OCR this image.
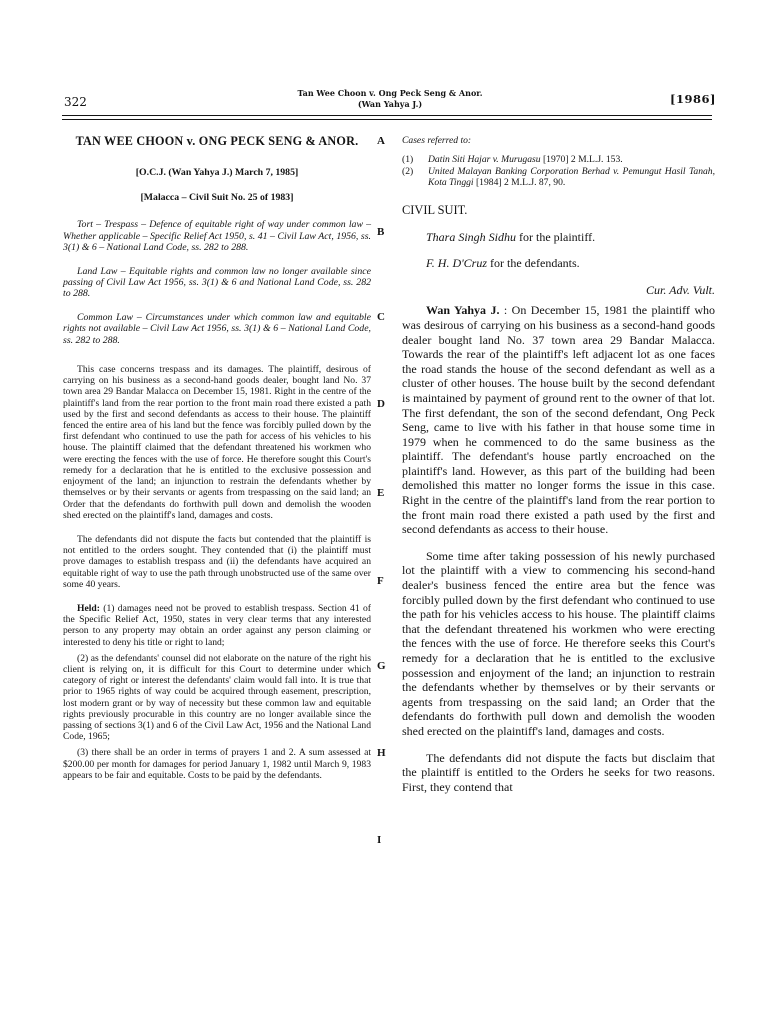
322
Tan Wee Choon v. Ong Peck Seng & Anor.
(Wan Yahya J.)	[1986]

TAN WEE CHOON v. ONG PECK SENG & ANOR.

[O.C.J. (Wan Yahya J.) March 7, 1985]

[Malacca – Civil Suit No. 25 of 1983]

Tort – Trespass – Defence of equitable right of way under common law – Whether applicable – Specific Relief Act 1950, s. 41 – Civil Law Act, 1956, ss. 3(1) & 6 – National Land Code, ss. 282 to 288.

Land Law – Equitable rights and common law no longer available since passing of Civil Law Act 1956, ss. 3(1) & 6 and National Land Code, ss. 282 to 288.

Common Law – Circumstances under which common law and equitable rights not available – Civil Law Act 1956, ss. 3(1) & 6 – National Land Code, ss. 282 to 288.

This case concerns trespass and its damages. The plaintiff, desirous of carrying on his business as a second-hand goods dealer, bought land No. 37 town area 29 Bandar Malacca on December 15, 1981. Right in the centre of the plaintiff's land from the rear portion to the front main road there existed a path used by the first and second defendants as access to their house. The plaintiff fenced the entire area of his land but the fence was forcibly pulled down by the first defendant who continued to use the path for access of his vehicles to his house. The plaintiff claimed that the defendant threatened his workmen who were erecting the fences with the use of force. He therefore sought this Court's remedy for a declaration that he is entitled to the exclusive possession and enjoyment of the land; an injunction to restrain the defendants whether by themselves or by their servants or agents from trespassing on the said land; an Order that the defendants do forthwith pull down and demolish the wooden shed erected on the plaintiff's land, damages and costs.

The defendants did not dispute the facts but contended that the plaintiff is not entitled to the orders sought. They contended that (i) the plaintiff must prove damages to establish trespass and (ii) the defendants have acquired an equitable right of way to use the path through unobstructed use of the same over some 40 years.

Held: (1) damages need not be proved to establish trespass. Section 41 of the Specific Relief Act, 1950, states in very clear terms that any interested person to any property may obtain an order against any person claiming or interested to deny his title or right to land;

(2) as the defendants' counsel did not elaborate on the nature of the right his client is relying on, it is difficult for this Court to determine under which category of right or interest the defendants' claim would fall into. It is true that prior to 1965 rights of way could be acquired through easement, prescription, lost modern grant or by way of necessity but these common law and equitable rights previously procurable in this country are no longer available since the passing of sections 3(1) and 6 of the Civil Law Act, 1956 and the National Land Code, 1965;

(3) there shall be an order in terms of prayers 1 and 2. A sum assessed at $200.00 per month for damages for period January 1, 1982 until March 9, 1983 appears to be fair and equitable. Costs to be paid by the defendants.

A
B
C
D
E
F
G
H
I

Cases referred to:

(1)	Datin Siti Hajar v. Murugasu [1970] 2 M.L.J. 153.
(2)	United Malayan Banking Corporation Berhad v. Pemungut Hasil Tanah, Kota Tinggi [1984] 2 M.L.J. 87, 90.

CIVIL SUIT.

Thara Singh Sidhu for the plaintiff.

F. H. D'Cruz for the defendants.

Cur. Adv. Vult.

Wan Yahya J. : On December 15, 1981 the plaintiff who was desirous of carrying on his business as a second-hand goods dealer bought land No. 37 town area 29 Bandar Malacca. Towards the rear of the plaintiff's left adjacent lot as one faces the road stands the house of the second defendant as well as a cluster of other houses. The house built by the second defendant is maintained by payment of ground rent to the owner of that lot. The first defendant, the son of the second defendant, Ong Peck Seng, came to live with his father in that house some time in 1979 when he commenced to do the same business as the plaintiff. The defendant's house partly encroached on the plaintiff's land. However, as this part of the building had been demolished this matter no longer forms the issue in this case. Right in the centre of the plaintiff's land from the rear portion to the front main road there existed a path used by the first and second defendants as access to their house.

Some time after taking possession of his newly purchased lot the plaintiff with a view to commencing his second-hand dealer's business fenced the entire area but the fence was forcibly pulled down by the first defendant who continued to use the path for his vehicles access to his house. The plaintiff claims that the defendant threatened his workmen who were erecting the fences with the use of force. He therefore seeks this Court's remedy for a declaration that he is entitled to the exclusive possession and enjoyment of the land; an injunction to restrain the defendants whether by themselves or by their servants or agents from trespassing on the said land; an Order that the defendants do forthwith pull down and demolish the wooden shed erected on the plaintiff's land, damages and costs.

The defendants did not dispute the facts but disclaim that the plaintiff is entitled to the Orders he seeks for two reasons. First, they contend that
